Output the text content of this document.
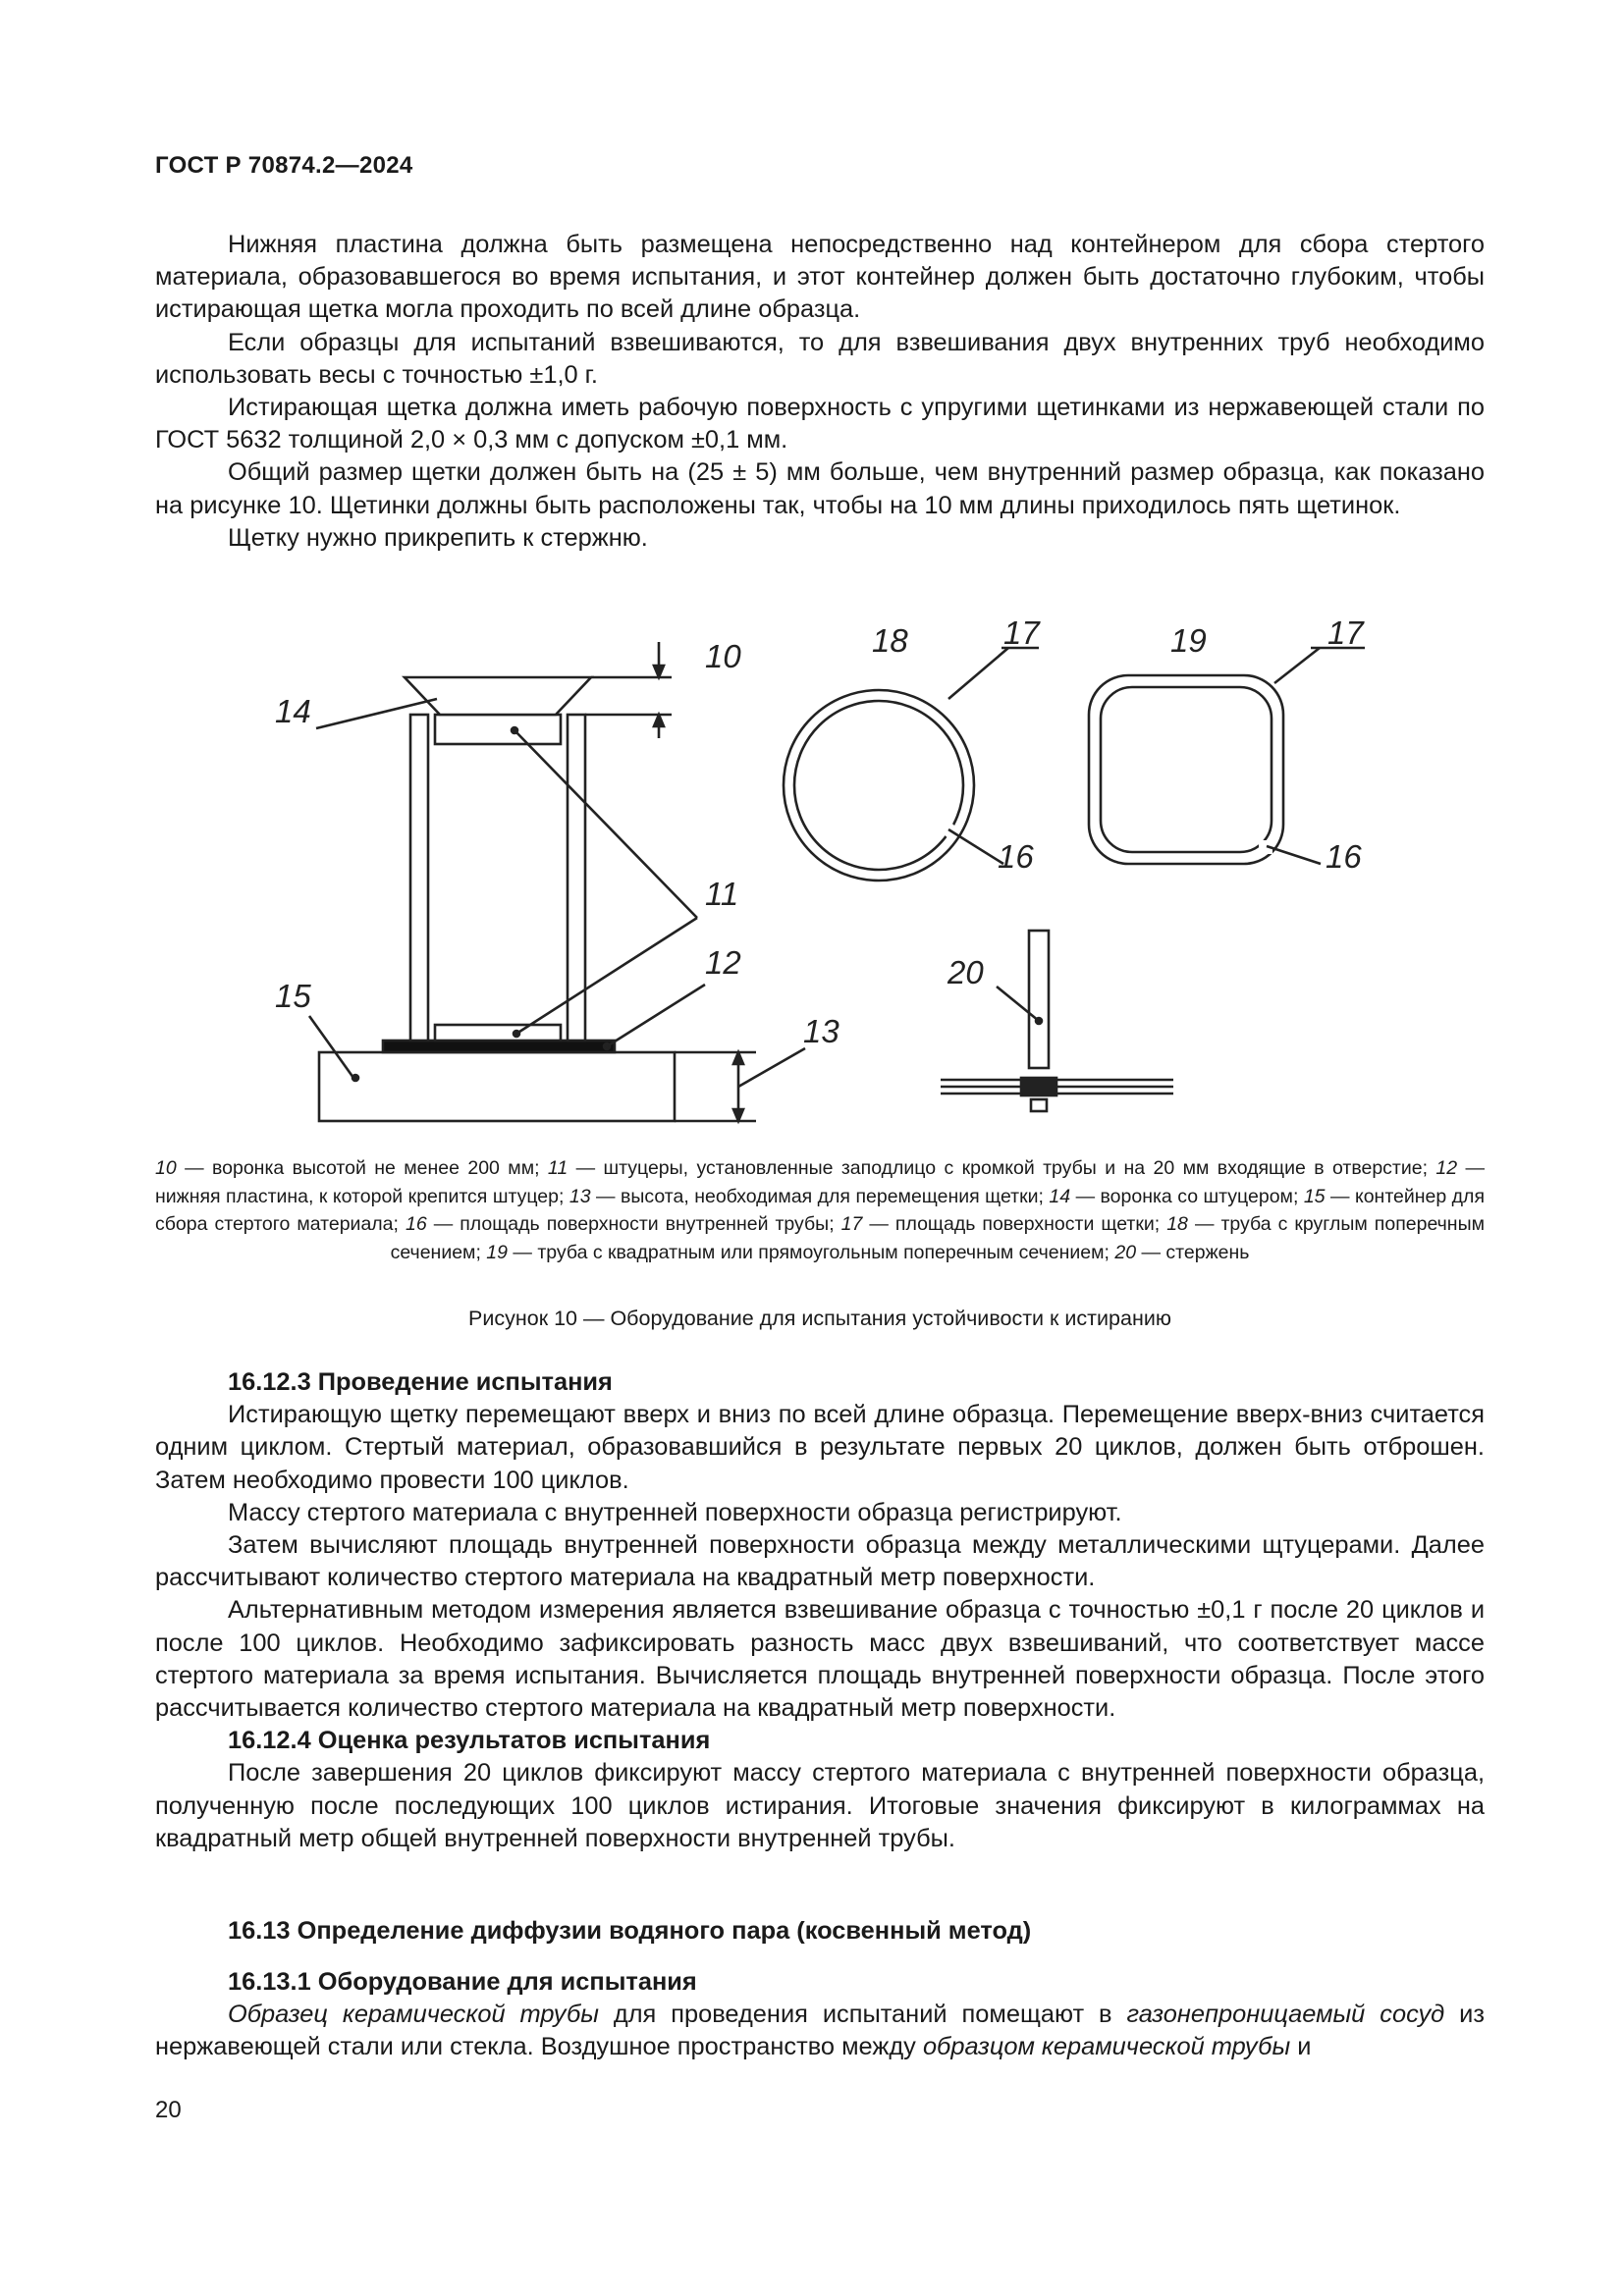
ГОСТ Р 70874.2—2024

Нижняя пластина должна быть размещена непосредственно над контейнером для сбора стертого материала, образовавшегося во время испытания, и этот контейнер должен быть достаточно глубоким, чтобы истирающая щетка могла проходить по всей длине образца.

Если образцы для испытаний взвешиваются, то для взвешивания двух внутренних труб необходимо использовать весы с точностью ±1,0 г.

Истирающая щетка должна иметь рабочую поверхность с упругими щетинками из нержавеющей стали по ГОСТ 5632 толщиной 2,0 × 0,3 мм с допуском ±0,1 мм.

Общий размер щетки должен быть на (25 ± 5) мм больше, чем внутренний размер образца, как показано на рисунке 10. Щетинки должны быть расположены так, чтобы на 10 мм длины приходилось пять щетинок.

Щетку нужно прикрепить к стержню.

10
14
11
12
15
13
18	17
16
19	17
16
20
10 — воронка высотой не менее 200 мм; 11 — штуцеры, установленные заподлицо с кромкой трубы и на 20 мм входящие в отверстие; 12 — нижняя пластина, к которой крепится штуцер; 13 — высота, необходимая для перемещения щетки; 14 — воронка со штуцером; 15 — контейнер для сбора стертого материала; 16 — площадь поверхности внутренней трубы; 17 — площадь поверхности щетки; 18 — труба с круглым поперечным сечением; 19 — труба с квадратным или прямоугольным поперечным сечением; 20 — стержень
Рисунок 10 — Оборудование для испытания устойчивости к истиранию

16.12.3 Проведение испытания

Истирающую щетку перемещают вверх и вниз по всей длине образца. Перемещение вверх-вниз считается одним циклом. Стертый материал, образовавшийся в результате первых 20 циклов, должен быть отброшен. Затем необходимо провести 100 циклов.

Массу стертого материала с внутренней поверхности образца регистрируют.

Затем вычисляют площадь внутренней поверхности образца между металлическими щтуцерами. Далее рассчитывают количество стертого материала на квадратный метр поверхности.

Альтернативным методом измерения является взвешивание образца с точностью ±0,1 г после 20 циклов и после 100 циклов. Необходимо зафиксировать разность масс двух взвешиваний, что соответствует массе стертого материала за время испытания. Вычисляется площадь внутренней поверхности образца. После этого рассчитывается количество стертого материала на квадратный метр поверхности.

16.12.4 Оценка результатов испытания

После завершения 20 циклов фиксируют массу стертого материала с внутренней поверхности образца, полученную после последующих 100 циклов истирания. Итоговые значения фиксируют в килограммах на квадратный метр общей внутренней поверхности внутренней трубы.

16.13 Определение диффузии водяного пара (косвенный метод)

16.13.1 Оборудование для испытания

Образец керамической трубы для проведения испытаний помещают в газонепроницаемый сосуд из нержавеющей стали или стекла. Воздушное пространство между образцом керамической трубы и

20
